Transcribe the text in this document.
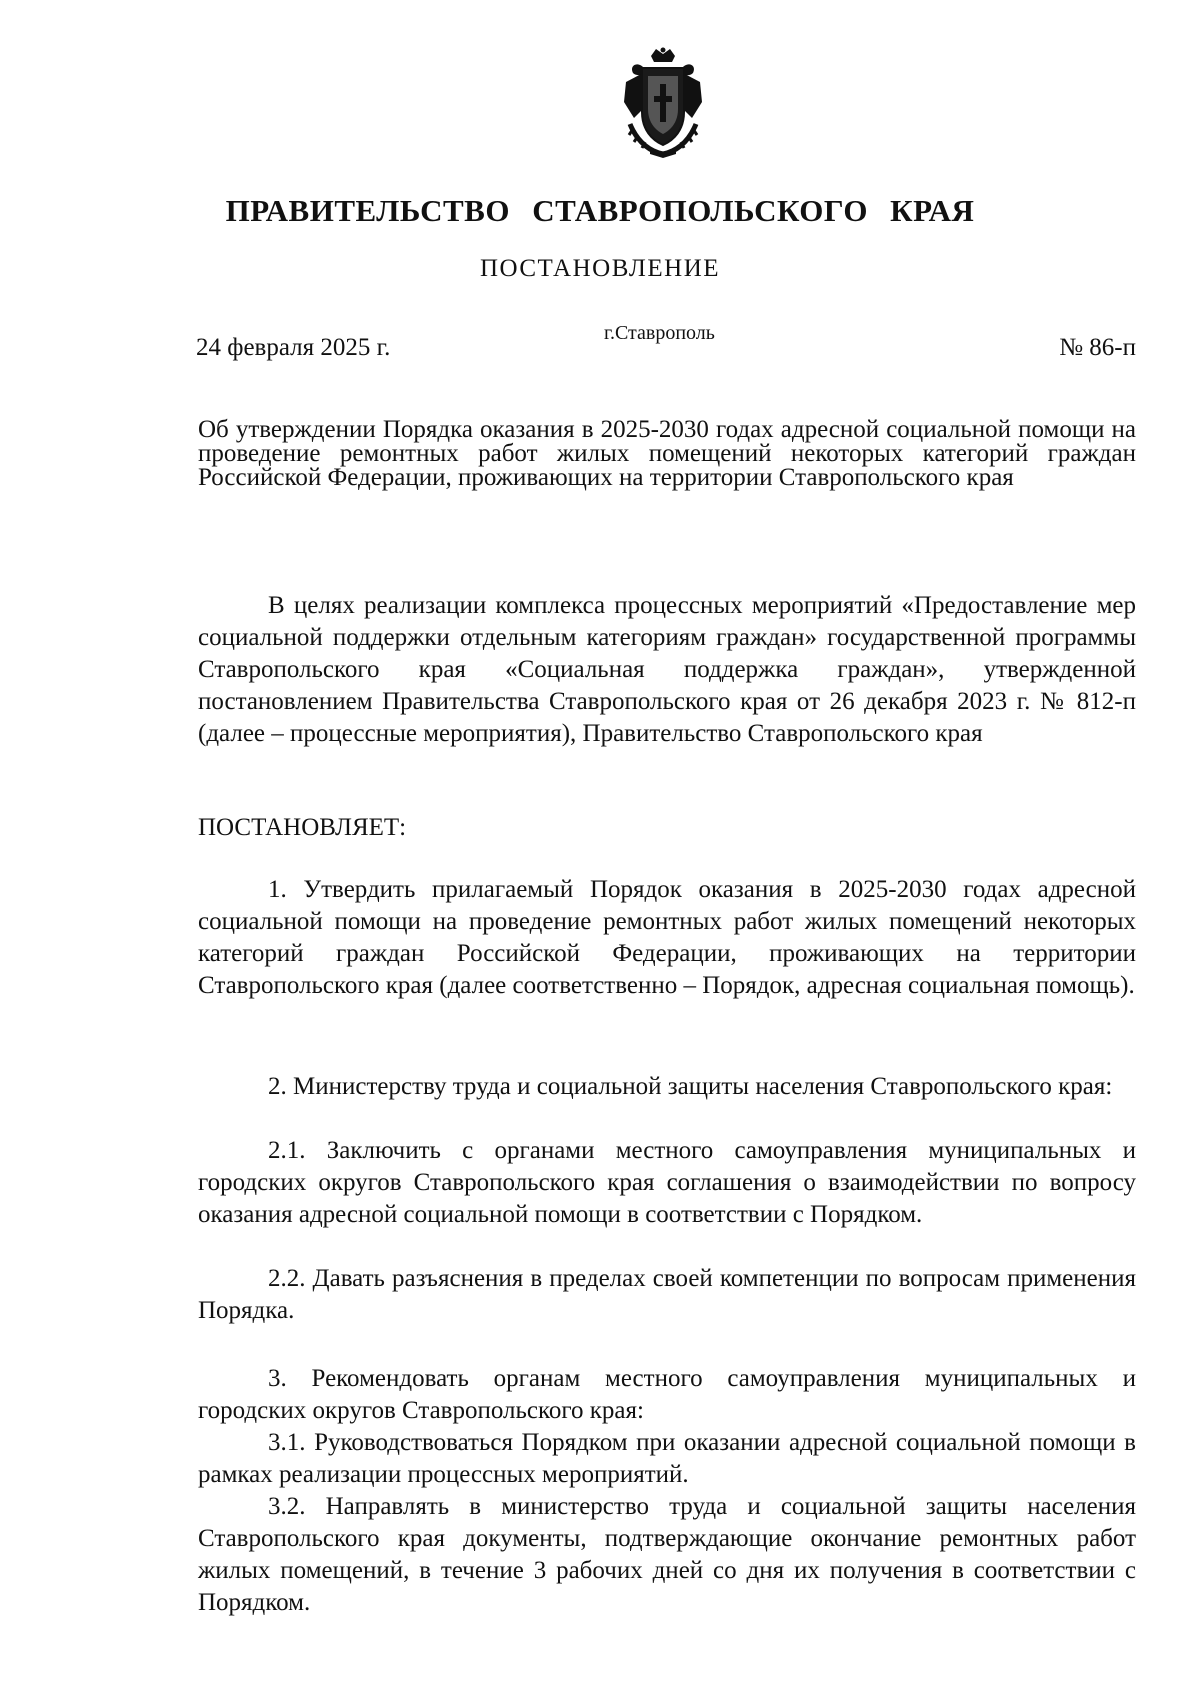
ПРАВИТЕЛЬСТВО СТАВРОПОЛЬСКОГО КРАЯ
ПОСТАНОВЛЕНИЕ
24 февраля 2025 г.
г.Ставрополь
№ 86-п
Об утверждении Порядка оказания в 2025-2030 годах адресной социальной помощи на проведение ремонтных работ жилых помещений некоторых категорий граждан Российской Федерации, проживающих на территории Ставропольского края
В целях реализации комплекса процессных мероприятий «Предоставление мер социальной поддержки отдельным категориям граждан» государственной программы Ставропольского края «Социальная поддержка граждан», утвержденной постановлением Правительства Ставропольского края от 26 декабря 2023 г. № 812-п (далее – процессные мероприятия), Правительство Ставропольского края
ПОСТАНОВЛЯЕТ:
1. Утвердить прилагаемый Порядок оказания в 2025-2030 годах адресной социальной помощи на проведение ремонтных работ жилых помещений некоторых категорий граждан Российской Федерации, проживающих на территории Ставропольского края (далее соответственно – Порядок, адресная социальная помощь).
2. Министерству труда и социальной защиты населения Ставропольского края:
2.1. Заключить с органами местного самоуправления муниципальных и городских округов Ставропольского края соглашения о взаимодействии по вопросу оказания адресной социальной помощи в соответствии с Порядком.
2.2. Давать разъяснения в пределах своей компетенции по вопросам применения Порядка.
3. Рекомендовать органам местного самоуправления муниципальных и городских округов Ставропольского края:
3.1. Руководствоваться Порядком при оказании адресной социальной помощи в рамках реализации процессных мероприятий.
3.2. Направлять в министерство труда и социальной защиты населения Ставропольского края документы, подтверждающие окончание ремонтных работ жилых помещений, в течение 3 рабочих дней со дня их получения в соответствии с Порядком.
